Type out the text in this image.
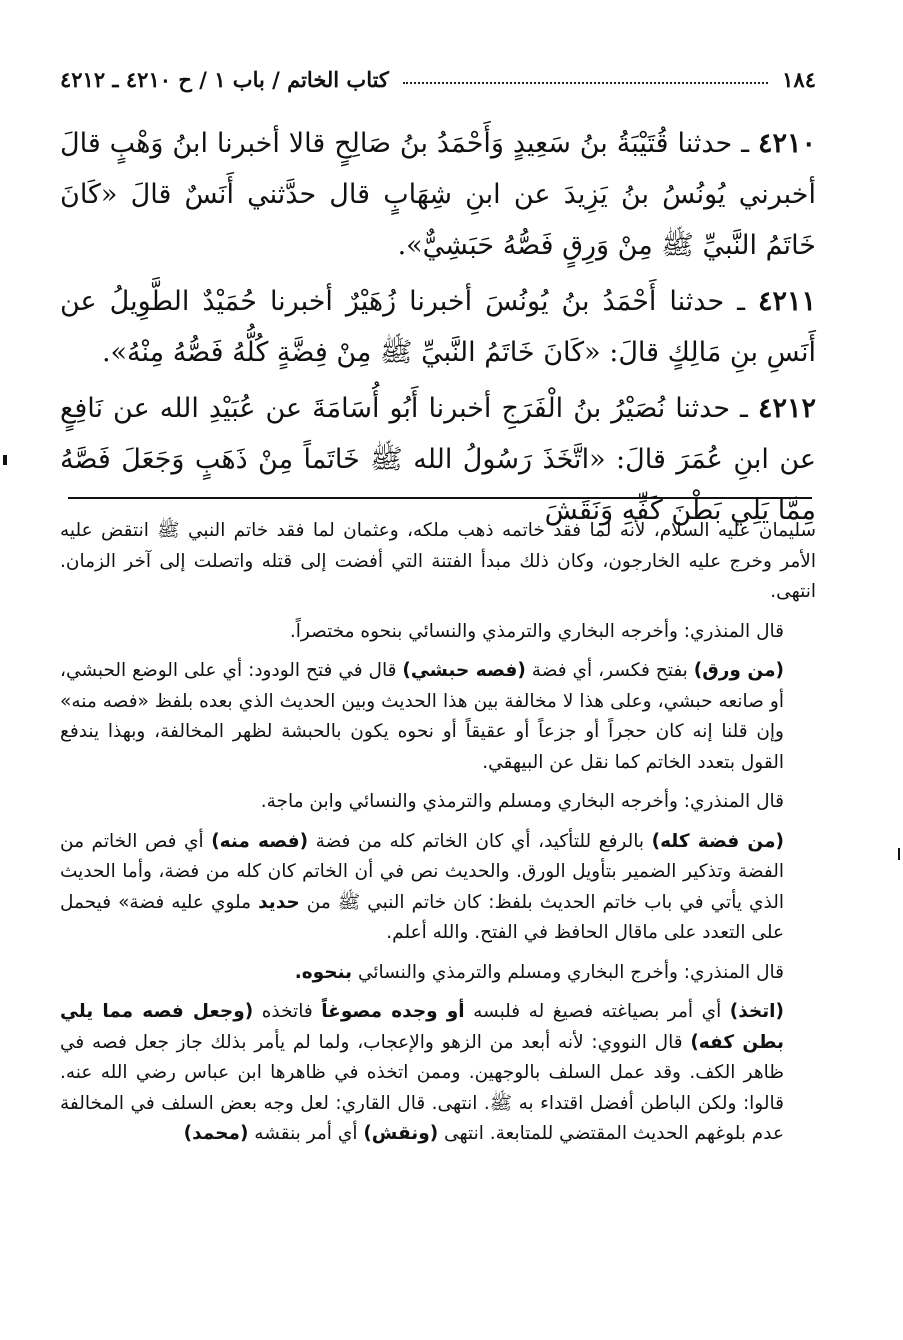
١٨٤
كتاب الخاتم / باب ١ / ح ٤٢١٠ ـ ٤٢١٢

٤٢١٠ ـ حدثنا قُتَيْبَةُ بنُ سَعِيدٍ وَأَحْمَدُ بنُ صَالِحٍ قالا أخبرنا ابنُ وَهْبٍ قالَ أخبرني يُونُسُ بنُ يَزِيدَ عن ابنِ شِهَابٍ قال حدَّثني أَنَسٌ قالَ «كَانَ خَاتَمُ النَّبيِّ ﷺ مِنْ وَرِقٍ فَصُّهُ حَبَشِيٌّ».

٤٢١١ ـ حدثنا أَحْمَدُ بنُ يُونُسَ أخبرنا زُهَيْرٌ أخبرنا حُمَيْدٌ الطَّوِيلُ عن أَنَسِ بنِ مَالِكٍ قالَ: «كَانَ خَاتَمُ النَّبيِّ ﷺ مِنْ فِضَّةٍ كُلُّهُ فَصُّهُ مِنْهُ».

٤٢١٢ ـ حدثنا نُصَيْرُ بنُ الْفَرَجِ أخبرنا أَبُو أُسَامَةَ عن عُبَيْدِ الله عن نَافِعٍ عن ابنِ عُمَرَ قالَ: «اتَّخَذَ رَسُولُ الله ﷺ خَاتَماً مِنْ ذَهَبٍ وَجَعَلَ فَصَّهُ مِمَّا يَلِي بَطْنَ كَفِّهِ وَنَقَشَ

سليمان عليه السلام، لأنه لما فقد خاتمه ذهب ملكه، وعثمان لما فقد خاتم النبي ﷺ انتقض عليه الأمر وخرج عليه الخارجون، وكان ذلك مبدأ الفتنة التي أفضت إلى قتله واتصلت إلى آخر الزمان. انتهى.

قال المنذري: وأخرجه البخاري والترمذي والنسائي بنحوه مختصراً.

(من ورق) بفتح فكسر، أي فضة (فصه حبشي) قال في فتح الودود: أي على الوضع الحبشي، أو صانعه حبشي، وعلى هذا لا مخالفة بين هذا الحديث وبين الحديث الذي بعده بلفظ «فصه منه» وإن قلنا إنه كان حجراً أو جزعاً أو عقيقاً أو نحوه يكون بالحبشة لظهر المخالفة، وبهذا يندفع القول بتعدد الخاتم كما نقل عن البيهقي.

قال المنذري: وأخرجه البخاري ومسلم والترمذي والنسائي وابن ماجة.

(من فضة كله) بالرفع للتأكيد، أي كان الخاتم كله من فضة (فصه منه) أي فص الخاتم من الفضة وتذكير الضمير بتأويل الورق. والحديث نص في أن الخاتم كان كله من فضة، وأما الحديث الذي يأتي في باب خاتم الحديث بلفظ: كان خاتم النبي ﷺ من حديد ملوي عليه فضة» فيحمل على التعدد على ماقال الحافظ في الفتح. والله أعلم.

قال المنذري: وأخرج البخاري ومسلم والترمذي والنسائي بنحوه.

(اتخذ) أي أمر بصياغته فصيغ له فلبسه أو وجده مصوغاً فاتخذه (وجعل فصه مما يلي بطن كفه) قال النووي: لأنه أبعد من الزهو والإعجاب، ولما لم يأمر بذلك جاز جعل فصه في ظاهر الكف. وقد عمل السلف بالوجهين. وممن اتخذه في ظاهرها ابن عباس رضي الله عنه. قالوا: ولكن الباطن أفضل اقتداء به ﷺ. انتهى. قال القاري: لعل وجه بعض السلف في المخالفة عدم بلوغهم الحديث المقتضي للمتابعة. انتهى (ونقش) أي أمر بنقشه (محمد)
